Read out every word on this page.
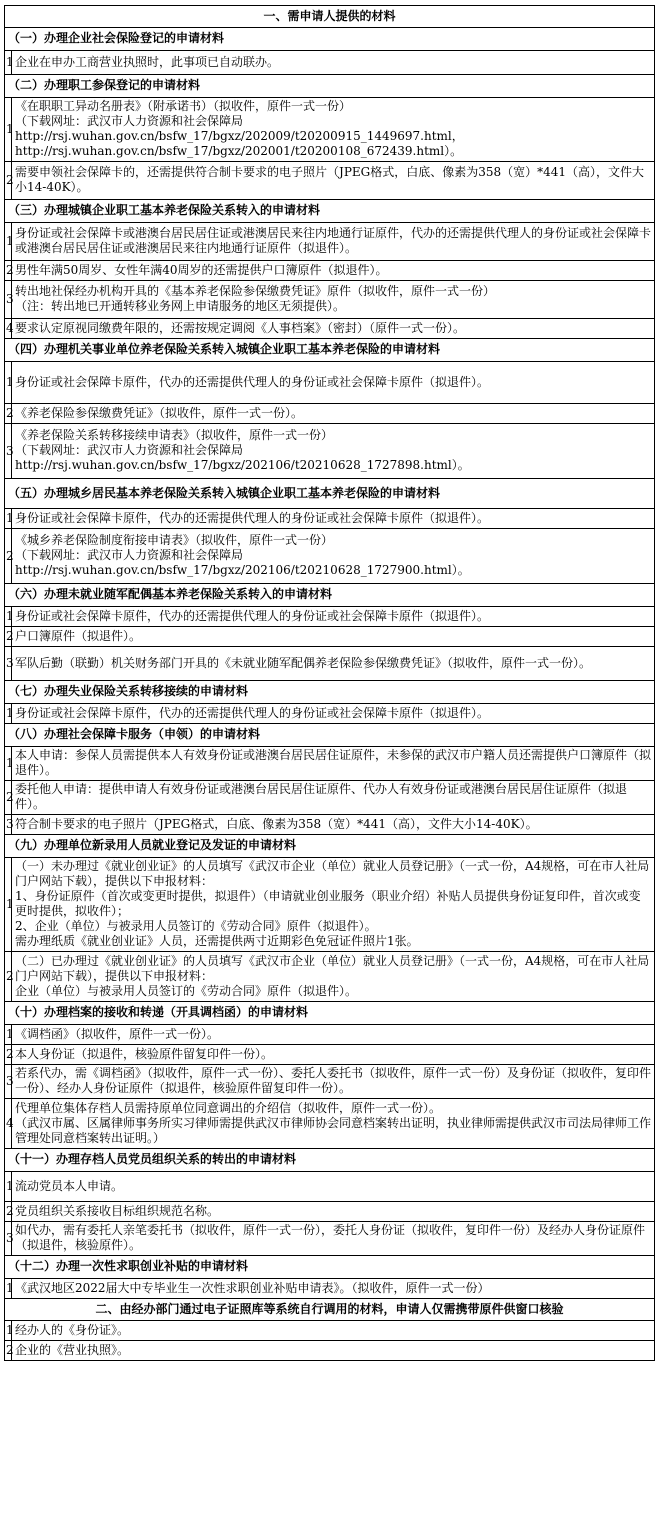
一、需申请人提供的材料	
（一）办理企业社会保险登记的申请材料	
1	企业在申办工商营业执照时，此事项已自动联办。

（二）办理职工参保登记的申请材料	
1	《在职职工异动名册表》（附承诺书）（拟收件，原件一式一份）
（下载网址：武汉市人力资源和社会保障局
http://rsj.wuhan.gov.cn/bsfw_17/bgxz/202009/t20200915_1449697.html，
http://rsj.wuhan.gov.cn/bsfw_17/bgxz/202001/t20200108_672439.html）。

2	需要申领社会保障卡的，还需提供符合制卡要求的电子照片（JPEG格式，白底、像素为358（宽）*441（高），文件大小14-40K）。

（三）办理城镇企业职工基本养老保险关系转入的申请材料	
1	身份证或社会保障卡或港澳台居民居住证或港澳居民来往内地通行证原件，代办的还需提供代理人的身份证或社会保障卡或港澳台居民居住证或港澳居民来往内地通行证原件（拟退件）。

2	男性年满50周岁、女性年满40周岁的还需提供户口簿原件（拟退件）。

3	转出地社保经办机构开具的《基本养老保险参保缴费凭证》原件（拟收件，原件一式一份）
（注：转出地已开通转移业务网上申请服务的地区无须提供）。

4	要求认定原视同缴费年限的，还需按规定调阅《人事档案》（密封）（原件一式一份）。

（四）办理机关事业单位养老保险关系转入城镇企业职工基本养老保险的申请材料	
1	身份证或社会保障卡原件，代办的还需提供代理人的身份证或社会保障卡原件（拟退件）。

2	《养老保险参保缴费凭证》（拟收件，原件一式一份）。

3	《养老保险关系转移接续申请表》（拟收件，原件一式一份）
（下载网址：武汉市人力资源和社会保障局
http://rsj.wuhan.gov.cn/bsfw_17/bgxz/202106/t20210628_1727898.html）。

（五）办理城乡居民基本养老保险关系转入城镇企业职工基本养老保险的申请材料	
1	身份证或社会保障卡原件，代办的还需提供代理人的身份证或社会保障卡原件（拟退件）。

2	《城乡养老保险制度衔接申请表》（拟收件，原件一式一份）
（下载网址：武汉市人力资源和社会保障局
http://rsj.wuhan.gov.cn/bsfw_17/bgxz/202106/t20210628_1727900.html）。

（六）办理未就业随军配偶基本养老保险关系转入的申请材料	
1	身份证或社会保障卡原件，代办的还需提供代理人的身份证或社会保障卡原件（拟退件）。

2	户口簿原件（拟退件）。

3	军队后勤（联勤）机关财务部门开具的《未就业随军配偶养老保险参保缴费凭证》（拟收件，原件一式一份）。

（七）办理失业保险关系转移接续的申请材料	
1	身份证或社会保障卡原件，代办的还需提供代理人的身份证或社会保障卡原件（拟退件）。

（八）办理社会保障卡服务（申领）的申请材料	
1	本人申请：参保人员需提供本人有效身份证或港澳台居民居住证原件，未参保的武汉市户籍人员还需提供户口簿原件（拟退件）。

2	委托他人申请：提供申请人有效身份证或港澳台居民居住证原件、代办人有效身份证或港澳台居民居住证原件（拟退件）。

3	符合制卡要求的电子照片（JPEG格式，白底、像素为358（宽）*441（高），文件大小14-40K）。

（九）办理单位新录用人员就业登记及发证的申请材料	
1	（一）未办理过《就业创业证》的人员填写《武汉市企业（单位）就业人员登记册》（一式一份，A4规格，可在市人社局门户网站下载），提供以下申报材料：
1、身份证原件（首次或变更时提供，拟退件）（申请就业创业服务（职业介绍）补贴人员提供身份证复印件，首次或变更时提供，拟收件）；
2、企业（单位）与被录用人员签订的《劳动合同》原件（拟退件）。
需办理纸质《就业创业证》人员，还需提供两寸近期彩色免冠证件照片1张。

2	（二）已办理过《就业创业证》的人员填写《武汉市企业（单位）就业人员登记册》（一式一份，A4规格，可在市人社局门户网站下载），提供以下申报材料：
企业（单位）与被录用人员签订的《劳动合同》原件（拟退件）。

（十）办理档案的接收和转递（开具调档函）的申请材料	
1	《调档函》（拟收件，原件一式一份）。

2	本人身份证（拟退件，核验原件留复印件一份）。

3	若系代办，需《调档函》（拟收件，原件一式一份）、委托人委托书（拟收件，原件一式一份）及身份证（拟收件，复印件一份）、经办人身份证原件（拟退件，核验原件留复印件一份）。

4	代理单位集体存档人员需持原单位同意调出的介绍信（拟收件，原件一式一份）。
（武汉市属、区属律师事务所实习律师需提供武汉市律师协会同意档案转出证明，执业律师需提供武汉市司法局律师工作管理处同意档案转出证明。）

（十一）办理存档人员党员组织关系的转出的申请材料	
1	流动党员本人申请。

2	党员组织关系接收目标组织规范名称。

3	如代办，需有委托人亲笔委托书（拟收件，原件一式一份），委托人身份证（拟收件，复印件一份）及经办人身份证原件（拟退件，核验原件）。

（十二）办理一次性求职创业补贴的申请材料	
1	《武汉地区2022届大中专毕业生一次性求职创业补贴申请表》。（拟收件，原件一式一份）

二、由经办部门通过电子证照库等系统自行调用的材料，申请人仅需携带原件供窗口核验	
1	经办人的《身份证》。

2	企业的《营业执照》。
